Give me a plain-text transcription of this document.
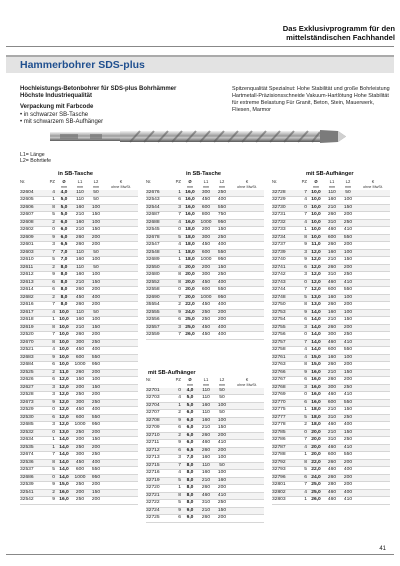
Das Exklusivprogramm für den
mittelständischen Fachhandel
Hammerbohrer SDS-plus
Hochleistungs-Betonbohrer für SDS-plus Bohrhämmer
Höchste Industriequalität
Verpackung mit Farbcode
• in schwarzer SB-Tasche
• mit schwarzem SB-Aufhänger
Spitzenqualität Spezialnut: Hohe Stabilität und große Bohrleistung Hartmetall-Präzisionsschneide Vakuum-Hartlötung Hohe Stabilität für extreme Belastung Für Granit, Beton, Stein, Mauerwerk, Fliesen, Marmor
L1= Länge
L2= Bohrtiefe
in SB-Tasche	in SB-Tasche	mit SB-Aufhänger
mit SB-Aufhänger
Nr.	PZ	Ø	L1	L2	€
		mm	mm	mm	ohne MwSt.
32604	4	4,0	110	50	
32605	1	5,0	110	50	
32606	8	5,0	160	100	
32607	5	5,0	210	150	
32608	2	6,0	160	100	
32602	0	6,0	210	150	
32609	9	6,0	260	200	
32601	3	6,5	260	200	
32603	7	7,0	110	50	
32610	5	7,0	160	100	
32611	2	8,0	110	50	
32612	9	8,0	160	100	
32613	6	8,0	210	150	
32614	6	8,0	260	200	
32682	2	8,0	450	400	
32616	7	8,0	260	200	
32617	4	10,0	110	50	
32618	1	10,0	160	100	
32619	8	10,0	210	150	
32520	7	10,0	260	200	
32670	8	10,0	300	250	
32521	4	10,0	450	400	
32683	9	10,0	600	550	
32684	6	10,0	1000	950	
32525	2	11,0	260	200	
32626	6	12,0	150	100	
32627	3	12,0	200	150	
32528	3	12,0	250	200	
32673	9	12,0	300	250	
32529	0	12,0	450	400	
32530	6	12,0	600	550	
32685	3	12,0	1000	950	
32532	0	13,0	250	200	
32634	1	14,0	200	150	
32535	1	14,0	250	200	
32674	7	14,0	300	250	
32536	8	14,0	450	400	
32537	5	14,0	600	550	
32686	0	14,0	1000	950	
32539	9	15,0	250	200	
32541	2	16,0	200	150	
32542	9	16,0	250	200	
Nr.	PZ	Ø	L1	L2	€
		mm	mm	mm	ohne MwSt.
32676	1	16,0	300	250	
32543	6	16,0	450	400	
32544	3	16,0	600	550	
32687	7	16,0	800	750	
32688	4	16,0	1000	950	
32545	0	18,0	200	150	
32678	5	18,0	300	250	
32547	4	18,0	450	400	
32548	1	18,0	600	550	
32689	1	18,0	1000	950	
32550	4	20,0	200	150	
32680	8	20,0	300	250	
32552	8	20,0	450	400	
32558	0	20,0	600	550	
32690	7	20,0	1000	950	
35554	2	22,0	450	400	
32555	9	24,0	250	200	
32556	6	25,0	250	200	
32557	3	25,0	450	400	
32559	7	26,0	450	400	
Nr.	PZ	Ø	L1	L2	€
		mm	mm	mm	ohne MwSt.
32701	0	4,0	110	50	
32703	4	5,0	110	50	
32704	1	5,0	160	100	
32707	2	6,0	110	50	
32708	9	6,0	160	100	
32709	6	6,0	210	150	
32710	2	6,0	260	200	
32711	9	6,0	460	410	
32712	6	6,5	260	200	
32713	3	7,0	160	100	
32715	7	8,0	110	50	
32716	4	8,0	160	100	
32719	5	8,0	210	160	
32720	1	8,0	260	200	
32721	8	8,0	460	410	
32722	5	8,0	310	250	
32724	9	9,0	210	150	
32725	6	9,0	260	200	
Nr.	PZ	Ø	L1	L2	€
		mm	mm	mm	ohne MwSt.
32728	7	10,0	110	50	
32729	4	10,0	160	100	
32730	0	10,0	210	150	
32731	7	10,0	260	200	
32732	4	10,0	310	250	
32733	1	10,0	460	410	
32734	8	10,0	600	550	
32737	9	11,0	260	200	
32739	3	12,0	160	100	
32740	9	12,0	210	150	
32741	6	12,0	260	200	
32742	3	12,0	310	250	
32743	0	12,0	460	410	
32744	7	12,0	600	550	
32748	5	13,0	160	100	
32750	8	13,0	260	200	
32753	9	14,0	160	100	
32754	6	14,0	210	150	
32755	3	14,0	260	200	
32756	0	14,0	300	250	
32757	7	14,0	460	410	
32758	4	14,0	600	550	
32761	4	15,0	160	100	
32763	8	15,0	260	200	
32766	9	16,0	210	150	
32767	6	16,0	260	200	
32768	3	16,0	300	250	
32769	0	16,0	460	410	
32770	6	16,0	600	550	
32775	1	18,0	210	150	
32777	5	18,0	310	250	
32778	2	18,0	460	400	
32785	0	20,0	210	150	
32786	7	20,0	310	250	
32787	4	20,0	460	410	
32788	1	20,0	600	550	
32792	8	22,0	260	200	
32793	5	22,0	460	400	
32796	6	24,0	260	200	
32801	7	25,0	280	200	
32802	4	25,0	460	400	
32803	1	26,0	460	410	
41
